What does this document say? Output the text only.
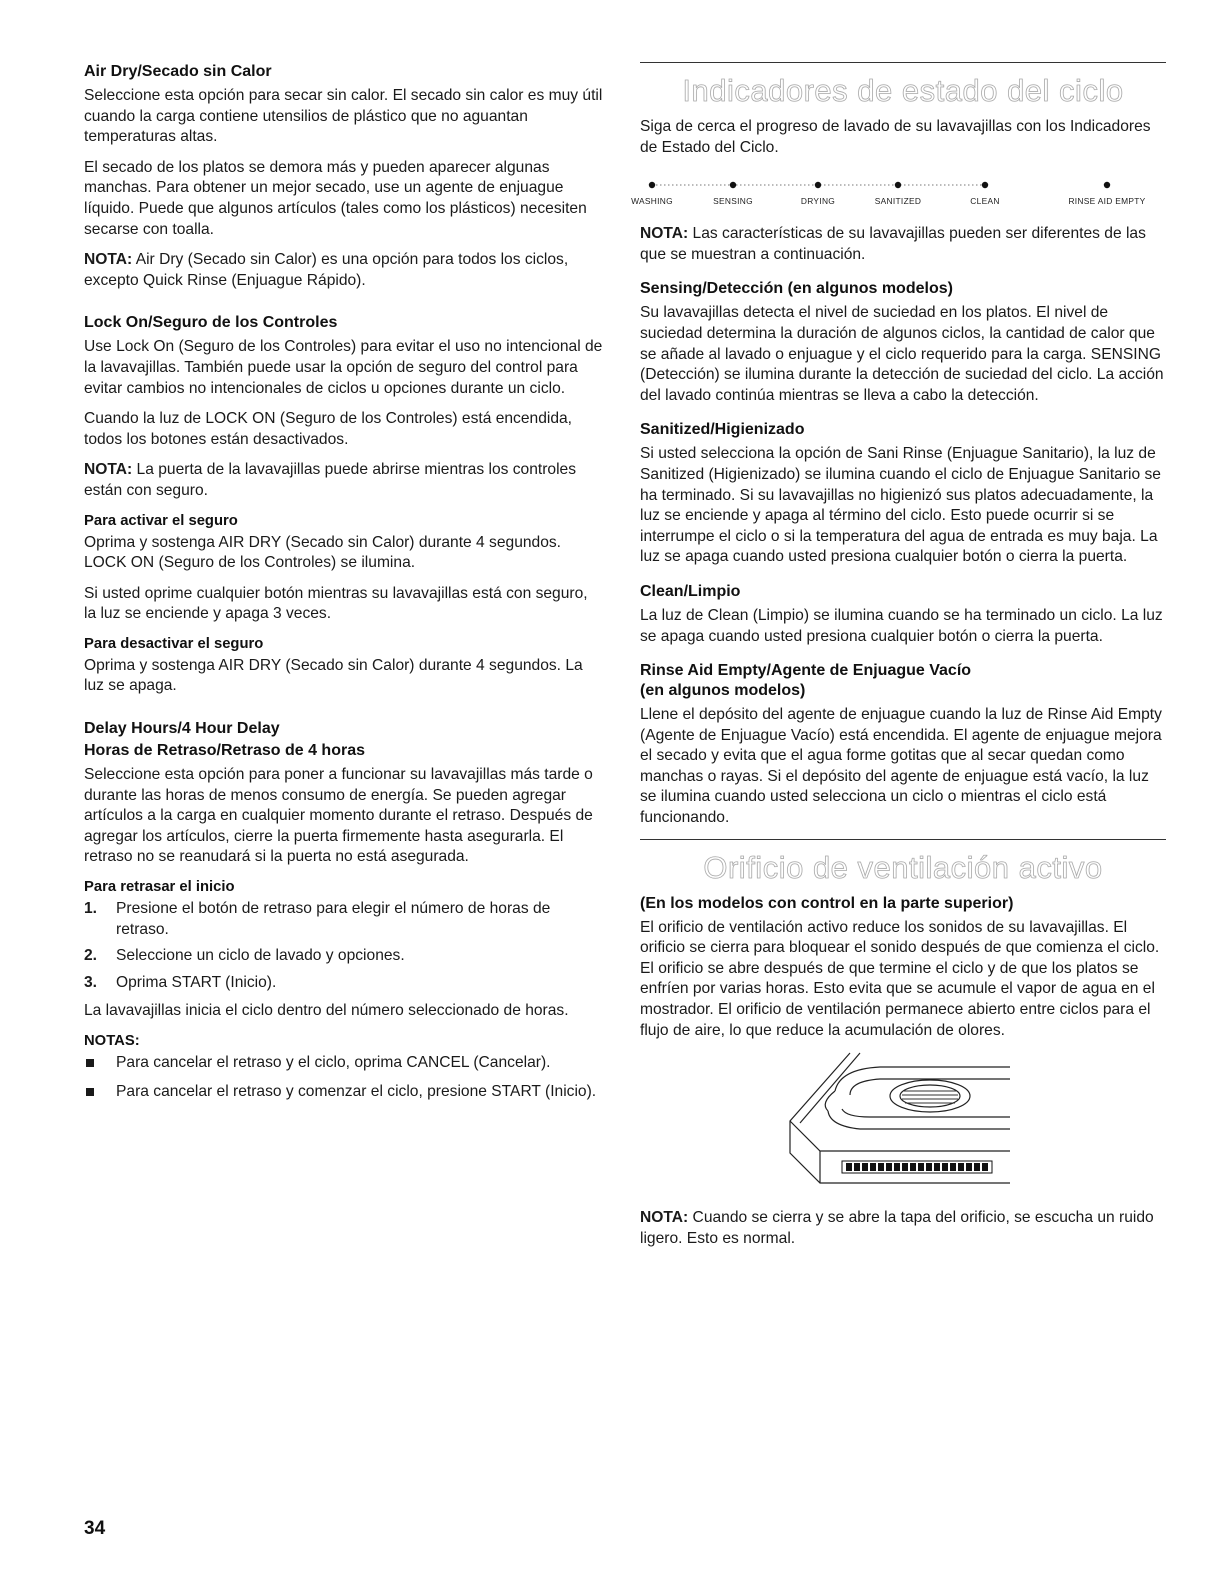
Air Dry/Secado sin Calor

Seleccione esta opción para secar sin calor. El secado sin calor es muy útil cuando la carga contiene utensilios de plástico que no aguantan temperaturas altas.

El secado de los platos se demora más y pueden aparecer algunas manchas. Para obtener un mejor secado, use un agente de enjuague líquido. Puede que algunos artículos (tales como los plásticos) necesiten secarse con toalla.

NOTA: Air Dry (Secado sin Calor) es una opción para todos los ciclos, excepto Quick Rinse (Enjuague Rápido).

Lock On/Seguro de los Controles

Use Lock On (Seguro de los Controles) para evitar el uso no intencional de la lavavajillas. También puede usar la opción de seguro del control para evitar cambios no intencionales de ciclos u opciones durante un ciclo.

Cuando la luz de LOCK ON (Seguro de los Controles) está encendida, todos los botones están desactivados.

NOTA: La puerta de la lavavajillas puede abrirse mientras los controles están con seguro.

Para activar el seguro

Oprima y sostenga AIR DRY (Secado sin Calor) durante 4 segundos. LOCK ON (Seguro de los Controles) se ilumina.

Si usted oprime cualquier botón mientras su lavavajillas está con seguro, la luz se enciende y apaga 3 veces.

Para desactivar el seguro

Oprima y sostenga AIR DRY (Secado sin Calor) durante 4 segundos. La luz se apaga.

Delay Hours/4 Hour Delay
Horas de Retraso/Retraso de 4 horas

Seleccione esta opción para poner a funcionar su lavavajillas más tarde o durante las horas de menos consumo de energía. Se pueden agregar artículos a la carga en cualquier momento durante el retraso. Después de agregar los artículos, cierre la puerta firmemente hasta asegurarla. El retraso no se reanudará si la puerta no está asegurada.

Para retrasar el inicio
1. Presione el botón de retraso para elegir el número de horas de retraso.
2. Seleccione un ciclo de lavado y opciones.
3. Oprima START (Inicio).

La lavavajillas inicia el ciclo dentro del número seleccionado de horas.

NOTAS:
Para cancelar el retraso y el ciclo, oprima CANCEL (Cancelar).
Para cancelar el retraso y comenzar el ciclo, presione START (Inicio).
Indicadores de estado del ciclo

Siga de cerca el progreso de lavado de su lavavajillas con los Indicadores de Estado del Ciclo.

WASHING	SENSING	DRYING	SANITIZED	CLEAN	RINSE AID EMPTY

NOTA: Las características de su lavavajillas pueden ser diferentes de las que se muestran a continuación.

Sensing/Detección (en algunos modelos)

Su lavavajillas detecta el nivel de suciedad en los platos. El nivel de suciedad determina la duración de algunos ciclos, la cantidad de calor que se añade al lavado o enjuague y el ciclo requerido para la carga. SENSING (Detección) se ilumina durante la detección de suciedad del ciclo. La acción del lavado continúa mientras se lleva a cabo la detección.

Sanitized/Higienizado

Si usted selecciona la opción de Sani Rinse (Enjuague Sanitario), la luz de Sanitized (Higienizado) se ilumina cuando el ciclo de Enjuague Sanitario se ha terminado. Si su lavavajillas no higienizó sus platos adecuadamente, la luz se enciende y apaga al término del ciclo. Esto puede ocurrir si se interrumpe el ciclo o si la temperatura del agua de entrada es muy baja. La luz se apaga cuando usted presiona cualquier botón o cierra la puerta.

Clean/Limpio

La luz de Clean (Limpio) se ilumina cuando se ha terminado un ciclo. La luz se apaga cuando usted presiona cualquier botón o cierra la puerta.

Rinse Aid Empty/Agente de Enjuague Vacío
(en algunos modelos)

Llene el depósito del agente de enjuague cuando la luz de Rinse Aid Empty (Agente de Enjuague Vacío) está encendida. El agente de enjuague mejora el secado y evita que el agua forme gotitas que al secar quedan como manchas o rayas. Si el depósito del agente de enjuague está vacío, la luz se ilumina cuando usted selecciona un ciclo o mientras el ciclo está funcionando.

Orificio de ventilación activo
(En los modelos con control en la parte superior)

El orificio de ventilación activo reduce los sonidos de su lavavajillas. El orificio se cierra para bloquear el sonido después de que comienza el ciclo. El orificio se abre después de que termine el ciclo y de que los platos se enfríen por varias horas. Esto evita que se acumule el vapor de agua en el mostrador. El orificio de ventilación permanece abierto entre ciclos para el flujo de aire, lo que reduce la acumulación de olores.

NOTA: Cuando se cierra y se abre la tapa del orificio, se escucha un ruido ligero. Esto es normal.

34
